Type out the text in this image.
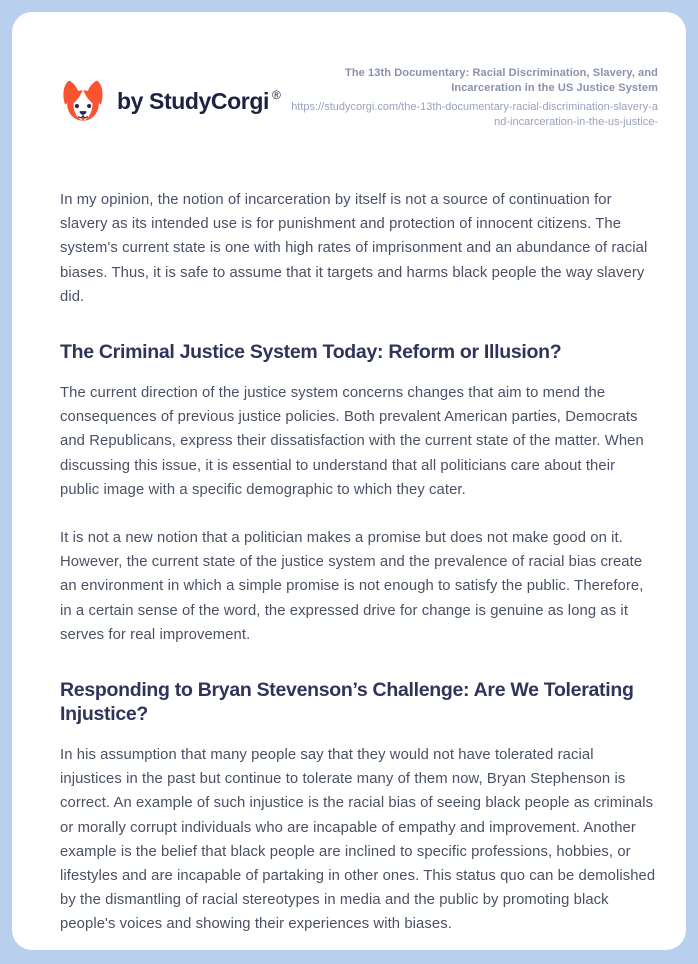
by StudyCorgi ®
The 13th Documentary: Racial Discrimination, Slavery, and Incarceration in the US Justice System
https://studycorgi.com/the-13th-documentary-racial-discrimination-slavery-and-incarceration-in-the-us-justice-

In my opinion, the notion of incarceration by itself is not a source of continuation for slavery as its intended use is for punishment and protection of innocent citizens. The system's current state is one with high rates of imprisonment and an abundance of racial biases. Thus, it is safe to assume that it targets and harms black people the way slavery did.

The Criminal Justice System Today: Reform or Illusion?

The current direction of the justice system concerns changes that aim to mend the consequences of previous justice policies. Both prevalent American parties, Democrats and Republicans, express their dissatisfaction with the current state of the matter. When discussing this issue, it is essential to understand that all politicians care about their public image with a specific demographic to which they cater.

It is not a new notion that a politician makes a promise but does not make good on it. However, the current state of the justice system and the prevalence of racial bias create an environment in which a simple promise is not enough to satisfy the public. Therefore, in a certain sense of the word, the expressed drive for change is genuine as long as it serves for real improvement.

Responding to Bryan Stevenson’s Challenge: Are We Tolerating Injustice?

In his assumption that many people say that they would not have tolerated racial injustices in the past but continue to tolerate many of them now, Bryan Stephenson is correct. An example of such injustice is the racial bias of seeing black people as criminals or morally corrupt individuals who are incapable of empathy and improvement. Another example is the belief that black people are inclined to specific professions, hobbies, or lifestyles and are incapable of partaking in other ones. This status quo can be demolished by the dismantling of racial stereotypes in media and the public by promoting black people's voices and showing their experiences with biases.
